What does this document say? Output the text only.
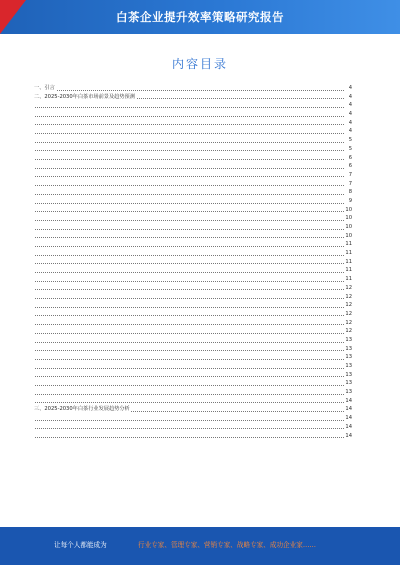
白茶企业提升效率策略研究报告
内容目录
一、引言	4
二、2025-2030年白茶市场前景及趋势预测	4
4
4
4
4
5
5
6
6
7
7
8
9
10
10
10
10
11
11
11
11
11
12
12
12
12
12
12
13
13
13
13
13
13
13
14
三、2025-2030年白茶行业发展趋势分析	14
14
14
14
让每个人都能成为	行业专家、管理专家、营销专家、战略专家、成功企业家……
